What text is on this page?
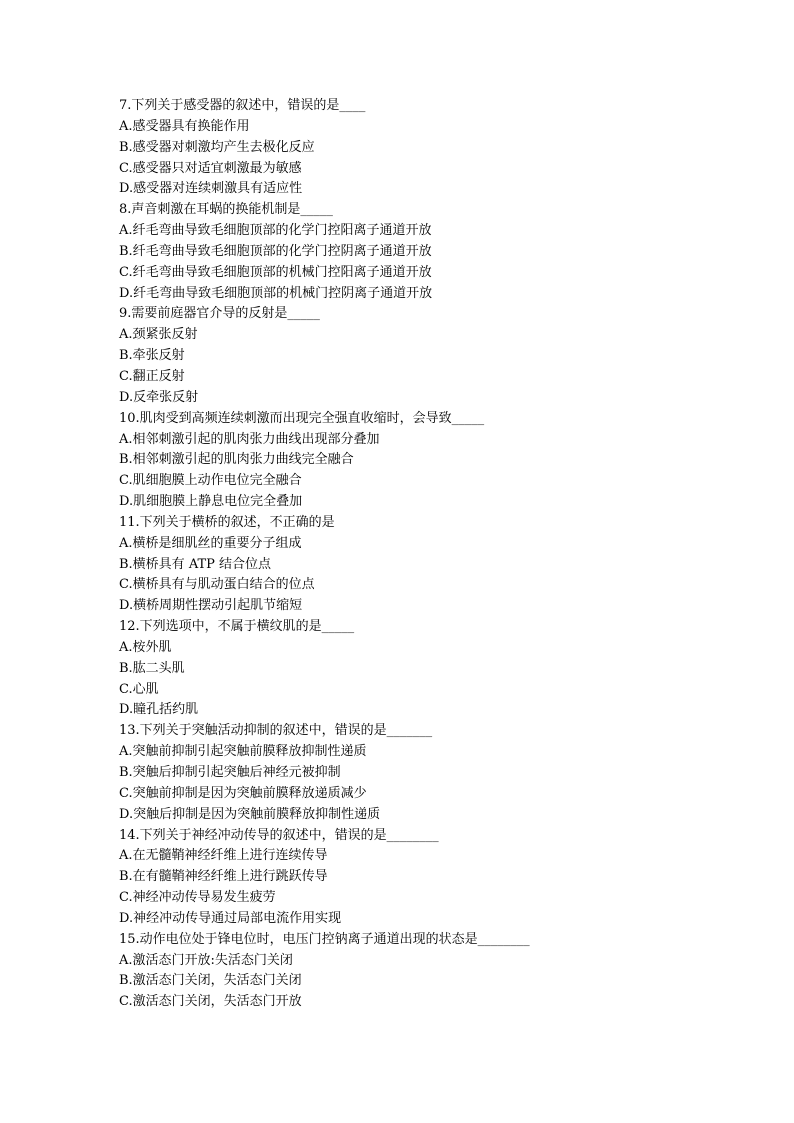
7.下列关于感受器的叙述中，错误的是____
A.感受器具有换能作用
B.感受器对刺激均产生去极化反应
C.感受器只对适宜刺激最为敏感
D.感受器对连续刺激具有适应性
8.声音刺激在耳蜗的换能机制是_____
A.纤毛弯曲导致毛细胞顶部的化学门控阳离子通道开放
B.纤毛弯曲导致毛细胞顶部的化学门控阴离子通道开放
C.纤毛弯曲导致毛细胞顶部的机械门控阳离子通道开放
D.纤毛弯曲导致毛细胞顶部的机械门控阴离子通道开放
9.需要前庭器官介导的反射是_____
A.颈紧张反射
B.牵张反射
C.翻正反射
D.反牵张反射
10.肌肉受到高频连续刺激而出现完全强直收缩时，会导致_____
A.相邻刺激引起的肌肉张力曲线出现部分叠加
B.相邻刺激引起的肌肉张力曲线完全融合
C.肌细胞膜上动作电位完全融合
D.肌细胞膜上静息电位完全叠加
11.下列关于横桥的叙述，不正确的是
A.横桥是细肌丝的重要分子组成
B.横桥具有 ATP 结合位点
C.横桥具有与肌动蛋白结合的位点
D.横桥周期性摆动引起肌节缩短
12.下列选项中，不属于横纹肌的是_____
A.桉外肌
B.肱二头肌
C.心肌
D.瞳孔括约肌
13.下列关于突触活动抑制的叙述中，错误的是_______
A.突触前抑制引起突触前膜释放抑制性递质
B.突触后抑制引起突触后神经元被抑制
C.突触前抑制是因为突触前膜释放递质减少
D.突触后抑制是因为突触前膜释放抑制性递质
14.下列关于神经冲动传导的叙述中，错误的是________
A.在无髓鞘神经纤维上进行连续传导
B.在有髓鞘神经纤维上进行跳跃传导
C.神经冲动传导易发生疲劳
D.神经冲动传导通过局部电流作用实现
15.动作电位处于锋电位时，电压门控钠离子通道出现的状态是________
A.激活态门开放:失活态门关闭
B.激活态门关闭，失活态门关闭
C.激活态门关闭，失活态门开放
